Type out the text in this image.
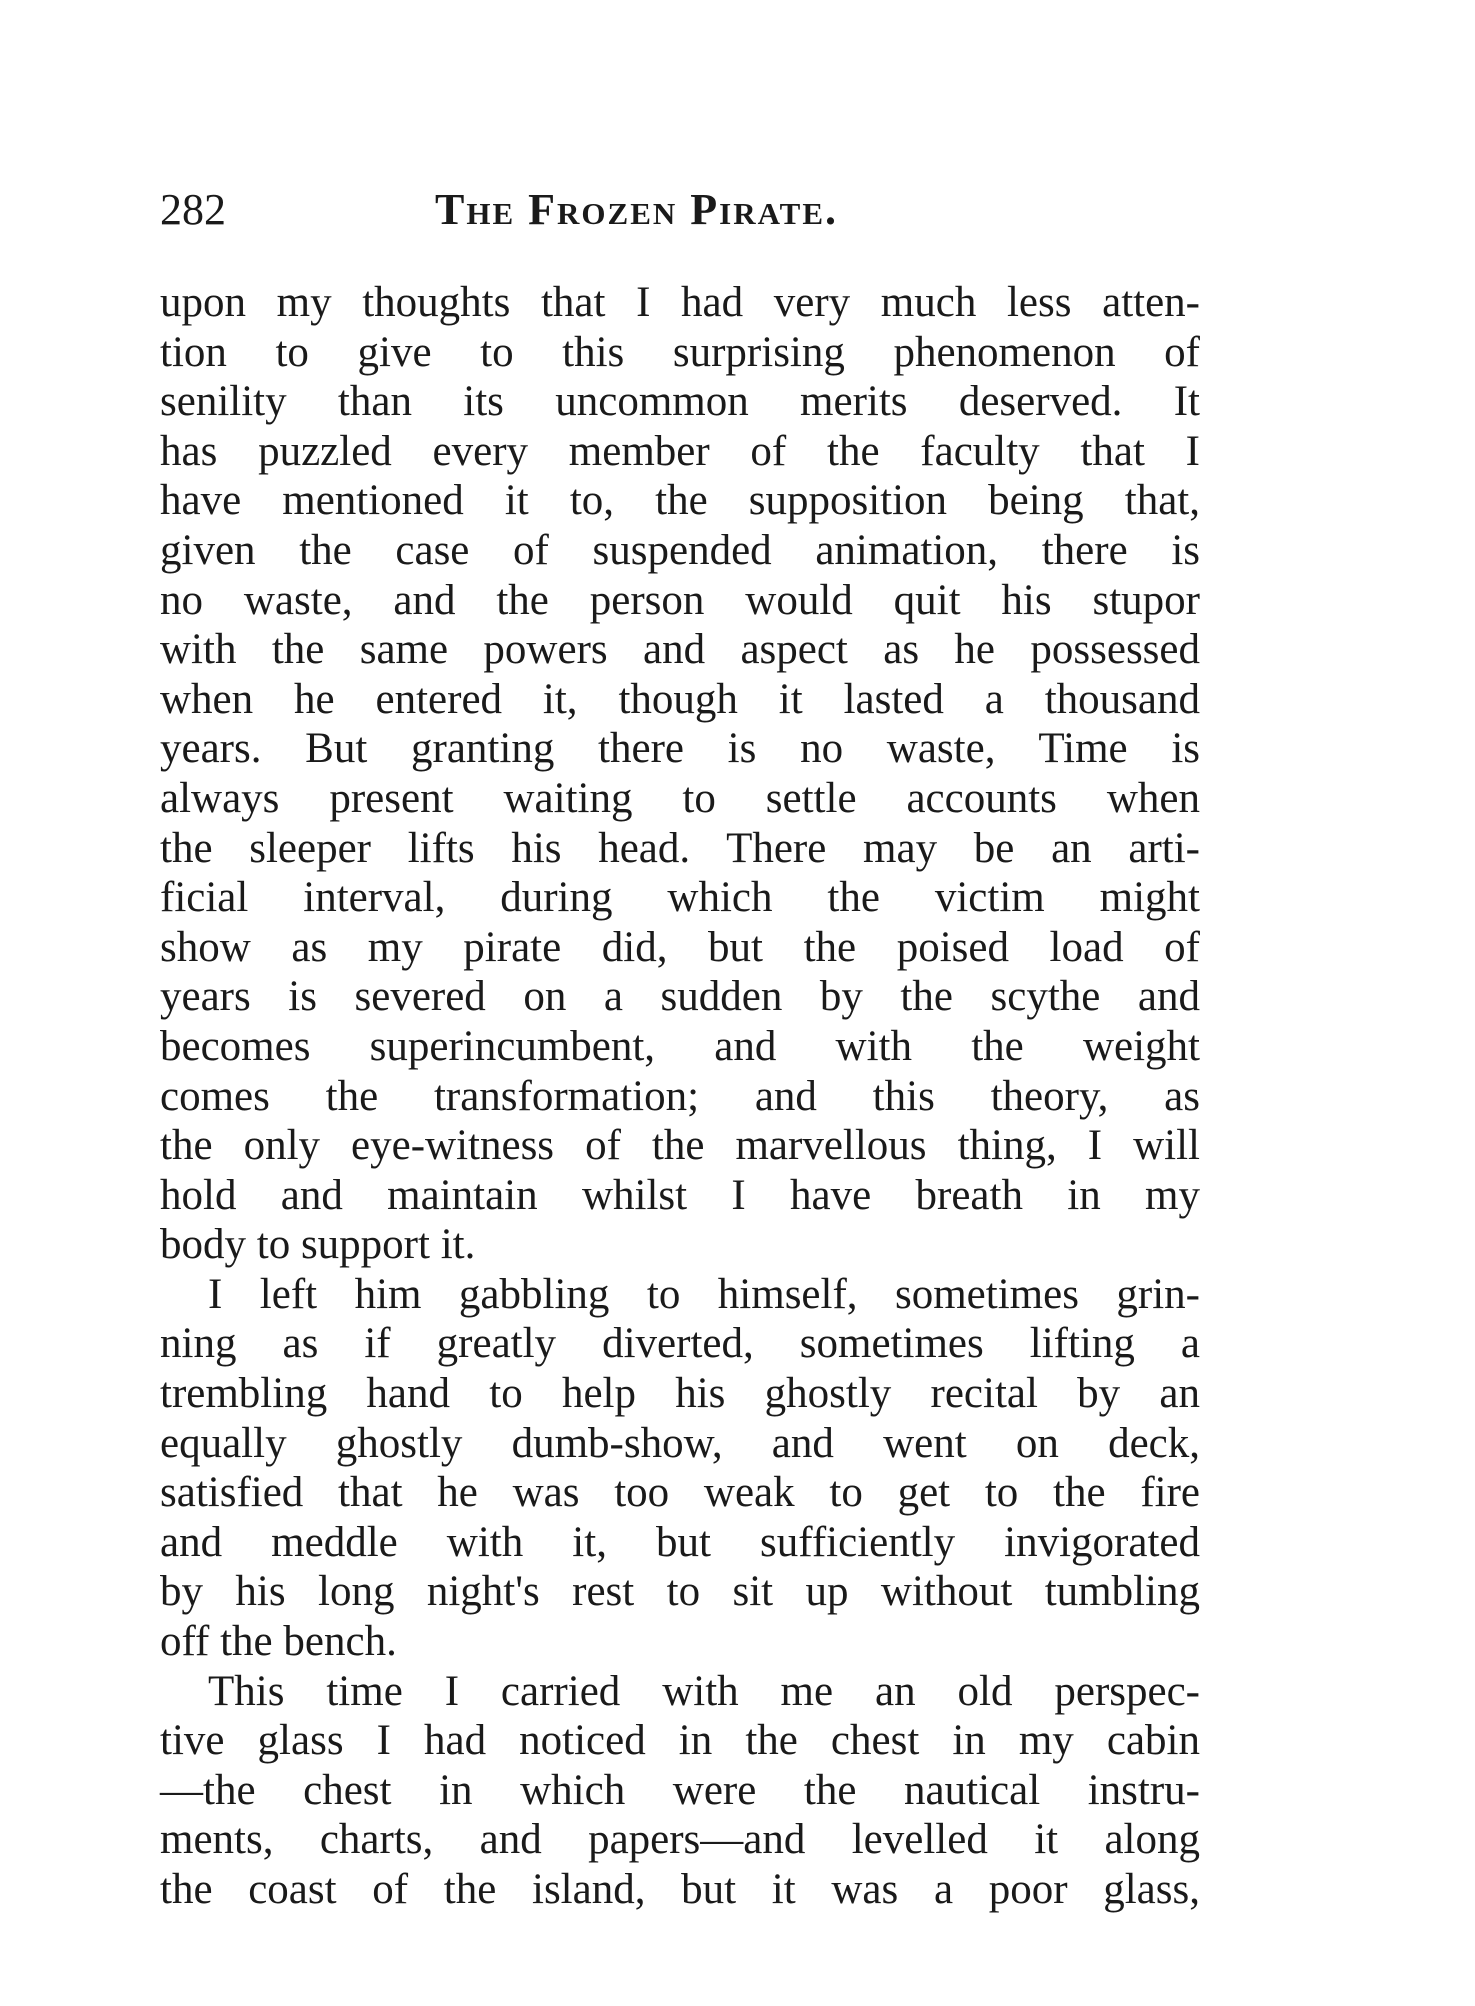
282	The Frozen Pirate.
upon my thoughts that I had very much less atten-
tion to give to this surprising phenomenon of
senility than its uncommon merits deserved. It
has puzzled every member of the faculty that I
have mentioned it to, the supposition being that,
given the case of suspended animation, there is
no waste, and the person would quit his stupor
with the same powers and aspect as he possessed
when he entered it, though it lasted a thousand
years. But granting there is no waste, Time is
always present waiting to settle accounts when
the sleeper lifts his head. There may be an arti-
ficial interval, during which the victim might
show as my pirate did, but the poised load of
years is severed on a sudden by the scythe and
becomes superincumbent, and with the weight
comes the transformation; and this theory, as
the only eye-witness of the marvellous thing, I will
hold and maintain whilst I have breath in my
body to support it.
I left him gabbling to himself, sometimes grin-
ning as if greatly diverted, sometimes lifting a
trembling hand to help his ghostly recital by an
equally ghostly dumb-show, and went on deck,
satisfied that he was too weak to get to the fire
and meddle with it, but sufficiently invigorated
by his long night's rest to sit up without tumbling
off the bench.
This time I carried with me an old perspec-
tive glass I had noticed in the chest in my cabin
—the chest in which were the nautical instru-
ments, charts, and papers—and levelled it along
the coast of the island, but it was a poor glass,
